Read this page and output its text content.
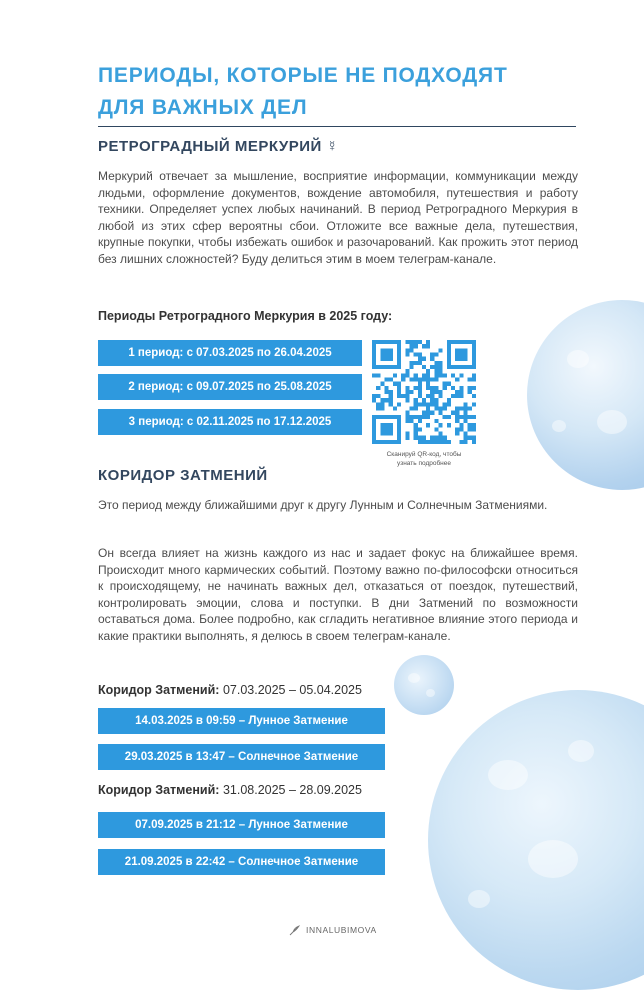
ПЕРИОДЫ, КОТОРЫЕ НЕ ПОДХОДЯТ ДЛЯ ВАЖНЫХ ДЕЛ
РЕТРОГРАДНЫЙ МЕРКУРИЙ ☿

Меркурий отвечает за мышление, восприятие информации, коммуникации между людьми, оформление документов, вождение автомобиля, путешествия и работу техники. Определяет успех любых начинаний. В период Ретроградного Меркурия в любой из этих сфер вероятны сбои. Отложите все важные дела, путешествия, крупные покупки, чтобы избежать ошибок и разочарований. Как прожить этот период без лишних сложностей? Буду делиться этим в моем телеграм-канале.

Периоды Ретроградного Меркурия в 2025 году:

1 период: с 07.03.2025 по 26.04.2025
2 период: с 09.07.2025 по 25.08.2025
3 период: с 02.11.2025 по 17.12.2025

Сканируй QR-код, чтобы узнать подробнее

КОРИДОР ЗАТМЕНИЙ

Это период между ближайшими друг к другу Лунным и Солнечным Затмениями.

Он всегда влияет на жизнь каждого из нас и задает фокус на ближайшее время. Происходит много кармических событий. Поэтому важно по-философски относиться к происходящему, не начинать важных дел, отказаться от поездок, путешествий, контролировать эмоции, слова и поступки. В дни Затмений по возможности оставаться дома. Более подробно, как сгладить негативное влияние этого периода и какие практики выполнять, я делюсь в своем телеграм-канале.

Коридор Затмений: 07.03.2025 – 05.04.2025

14.03.2025 в 09:59 – Лунное Затмение
29.03.2025 в 13:47 – Солнечное Затмение

Коридор Затмений: 31.08.2025 – 28.09.2025

07.09.2025 в 21:12 – Лунное Затмение
21.09.2025 в 22:42 – Солнечное Затмение
INNALUBIMOVA
